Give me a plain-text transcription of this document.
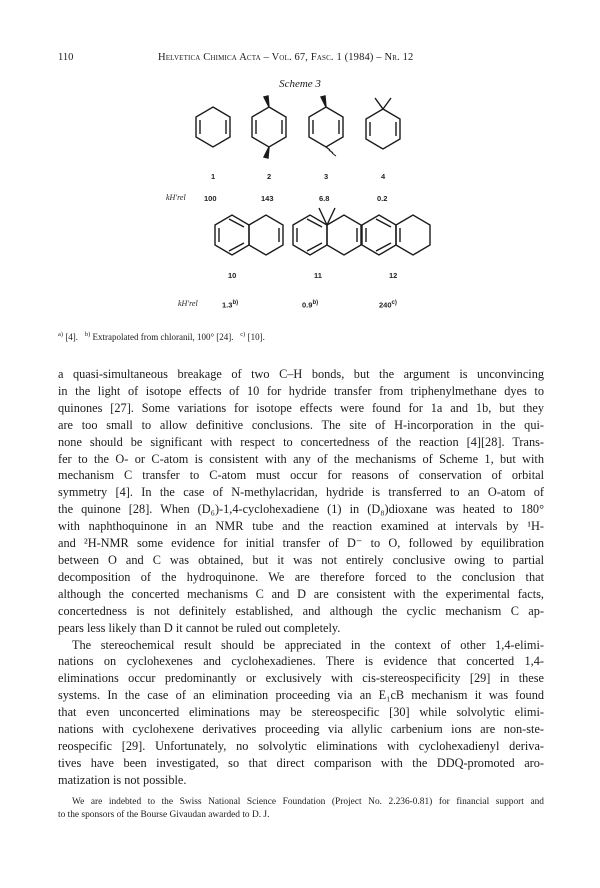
110	Helvetica Chimica Acta – Vol. 67, Fasc. 1 (1984) – Nr. 12
Scheme 3
1	2	3	4
kH′rel 100	143	6.8	0.2
10	11	12
kH′rel	1.3$^{b)}$	0.9$^{b)}$	240$^{c)}$
$^{a)}$ [4]. $^{b)}$ Extrapolated from chloranil, 100° [24]. $^{c)}$ [10].

a quasi-simultaneous breakage of two C–H bonds, but the argument is unconvincing
in the light of isotope effects of 10 for hydride transfer from triphenylmethane dyes to
quinones [27]. Some variations for isotope effects were found for 1a and 1b, but they
are too small to allow definitive conclusions. The site of H-incorporation in the qui-
none should be significant with respect to concertedness of the reaction [4][28]. Trans-
fer to the O- or C-atom is consistent with any of the mechanisms of Scheme 1, but with
mechanism C transfer to C-atom must occur for reasons of conservation of orbital
symmetry [4]. In the case of N-methylacridan, hydride is transferred to an O-atom of
the quinone [28]. When (D₆)-1,4-cyclohexadiene (1) in (D₈)dioxane was heated to 180°
with naphthoquinone in an NMR tube and the reaction examined at intervals by ¹H-
and ²H-NMR some evidence for initial transfer of D⁻ to O, followed by equilibration
between O and C was obtained, but it was not entirely conclusive owing to partial
decomposition of the hydroquinone. We are therefore forced to the conclusion that
although the concerted mechanisms C and D are consistent with the experimental facts,
concertedness is not definitely established, and although the cyclic mechanism C ap-
pears less likely than D it cannot be ruled out completely.

The stereochemical result should be appreciated in the context of other 1,4-elimi-
nations on cyclohexenes and cyclohexadienes. There is evidence that concerted 1,4-
eliminations occur predominantly or exclusively with cis-stereospecificity [29] in these
systems. In the case of an elimination proceeding via an E₁cB mechanism it was found
that even unconcerted eliminations may be stereospecific [30] while solvolytic elimi-
nations with cyclohexene derivatives proceeding via allylic carbenium ions are non-ste-
reospecific [29]. Unfortunately, no solvolytic eliminations with cyclohexadienyl deriva-
tives have been investigated, so that direct comparison with the DDQ-promoted aro-
matization is not possible.

We are indebted to the Swiss National Science Foundation (Project No. 2.236-0.81) for financial support and
to the sponsors of the Bourse Givaudan awarded to D. J.
